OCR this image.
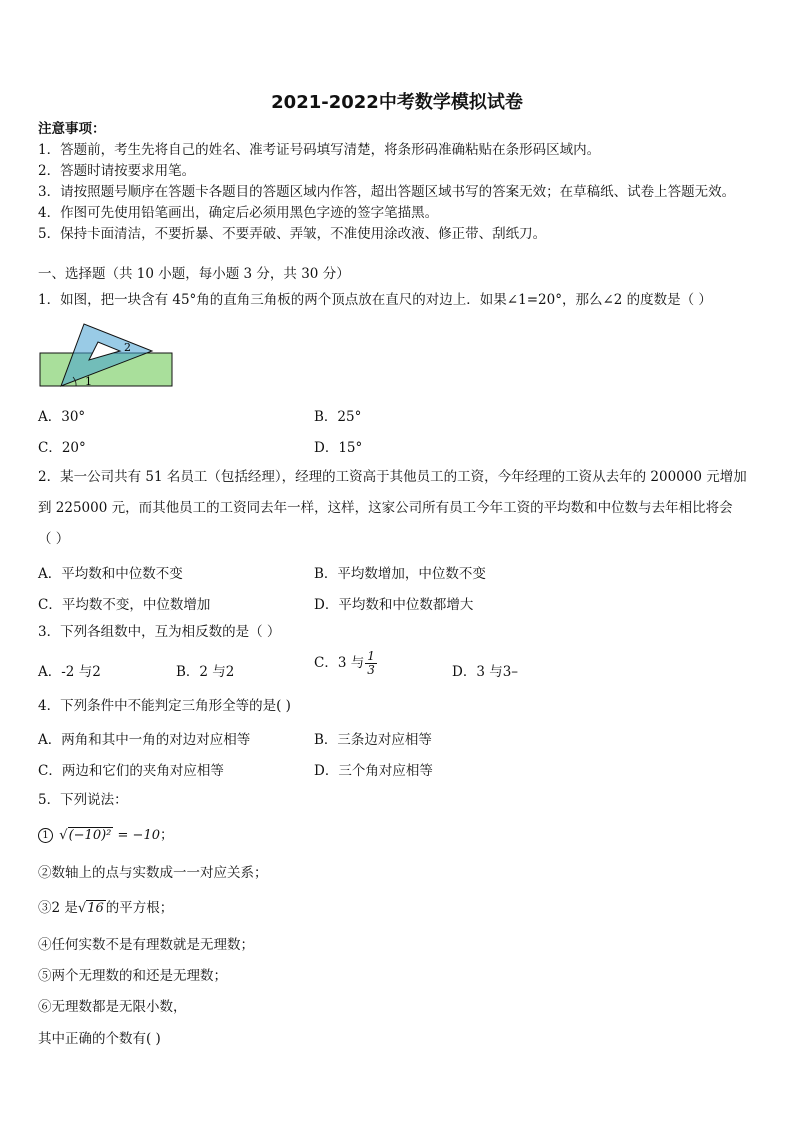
2021-2022中考数学模拟试卷
注意事项：
1．答题前，考生先将自己的姓名、准考证号码填写清楚，将条形码准确粘贴在条形码区域内。
2．答题时请按要求用笔。
3．请按照题号顺序在答题卡各题目的答题区域内作答，超出答题区域书写的答案无效；在草稿纸、试卷上答题无效。
4．作图可先使用铅笔画出，确定后必须用黑色字迹的签字笔描黑。
5．保持卡面清洁，不要折暴、不要弄破、弄皱，不准使用涂改液、修正带、刮纸刀。
一、选择题（共 10 小题，每小题 3 分，共 30 分）
1．如图，把一块含有 45°角的直角三角板的两个顶点放在直尺的对边上．如果∠1=20°，那么∠2 的度数是（ ）
1
2
A．30°	B．25°
C．20°	D．15°
2．某一公司共有 51 名员工（包括经理），经理的工资高于其他员工的工资，今年经理的工资从去年的 200000 元增加
到 225000 元，而其他员工的工资同去年一样，这样，这家公司所有员工今年工资的平均数和中位数与去年相比将会
（ ）
A．平均数和中位数不变	B．平均数增加，中位数不变
C．平均数不变，中位数增加	D．平均数和中位数都增大
3．下列各组数中，互为相反数的是（ ）
A．-2 与2	B．2 与2
C．3 与 $\frac{1}{3}$	D．3 与3–
4．下列条件中不能判定三角形全等的是( )
A．两角和其中一角的对边对应相等	B．三条边对应相等
C．两边和它们的夹角对应相等	D．三个角对应相等
5．下列说法：
1 √(−10)² = −10；
②数轴上的点与实数成一一对应关系；
③2 是√16 的平方根；
④任何实数不是有理数就是无理数；
⑤两个无理数的和还是无理数；
⑥无理数都是无限小数，
其中正确的个数有( )
